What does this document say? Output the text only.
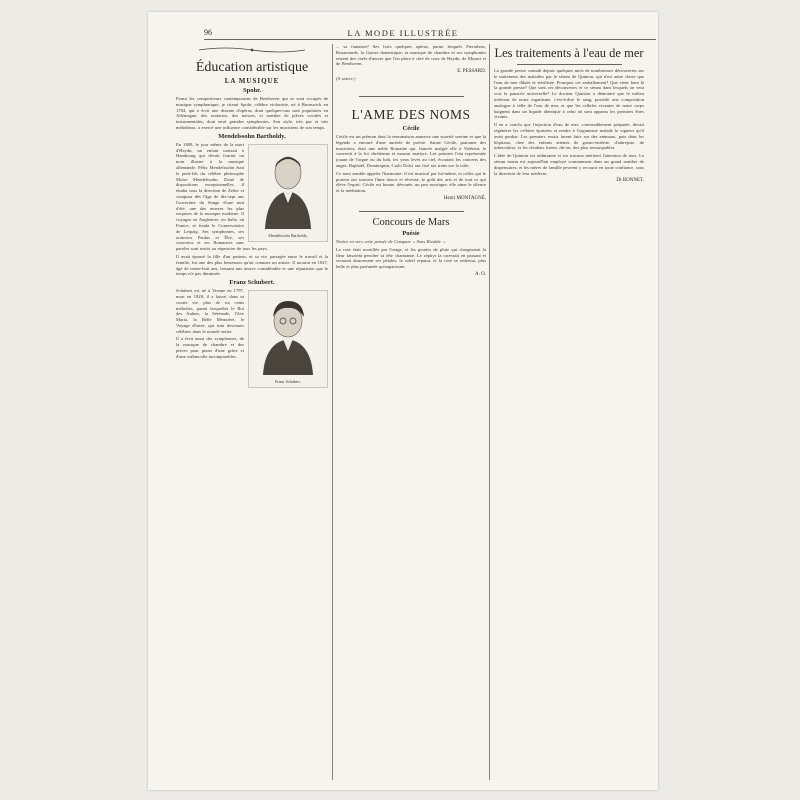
LA MODE ILLUSTRÉE
96
Éducation artistique
LA MUSIQUE
Spohr.

Parmi les compositeurs contemporains de Beethoven qui se sont occupés de musique symphonique, je citerai Spohr, célèbre violoniste, né à Brunswick en 1784, qui a écrit une dizaine d'opéras, dont quelques-uns sont populaires en Allemagne; des oratorios, des messes, et nombre de pièces vocales et instrumentales, dont neuf grandes symphonies. Son style, très pur et très mélodieux, a exercé une influence considérable sur les musiciens de son temps.

Mendelssohn Bartholdy.

Mendelssohn Bartholdy.
En 1809, le jour même de la mort d'Haydn, un enfant naissait à Hambourg qui devait fournir un nom illustre à la musique allemande. Félix Mendelssohn était le petit-fils du célèbre philosophe Moïse Mendelssohn. Doué de dispositions exceptionnelles, il étudia sous la direction de Zelter et composa dès l'âge de dix-sept ans l'ouverture du Songe d'une nuit d'été, une des œuvres les plus exquises de la musique moderne. Il voyagea en Angleterre, en Italie, en France, et fonda le Conservatoire de Leipzig. Ses symphonies, ses oratorios Paulus et Élie, ses concertos et ses Romances sans paroles sont restés au répertoire de tous les pays.

Il avait épousé la fille d'un pasteur, et sa vie, partagée entre le travail et la famille, fut une des plus heureuses qu'ait connues un artiste. Il mourut en 1847, âgé de trente-huit ans, laissant une œuvre considérable et une réputation que le temps n'a pas diminuée.

Franz Schubert.

Franz Schubert.
Schubert est né à Vienne en 1797, mort en 1828; il a laissé, dans sa courte vie, plus de six cents mélodies, parmi lesquelles le Roi des Aulnes, la Sérénade, l'Ave Maria, la Belle Meunière, le Voyage d'hiver, qui sont devenues célèbres dans le monde entier.

Il a écrit aussi des symphonies, de la musique de chambre et des pièces pour piano d'une grâce et d'une mélancolie incomparables.

... sa fantaisie? Ses forts quelques opéras, parmi lesquels Fierrabras, Rosamonde, la Guerre domestique; sa musique de chambre et ses symphonies restent des chefs-d'œuvre que l'on place à côté de ceux de Haydn, de Mozart et de Beethoven.

E. PESSARD.
(A suivre.)
L'AME DES NOMS
Cécile

Cécile est un prénom dont la terminaison annonce une suavité sereine et que la légende a entouré d'une auréole de poésie. Sainte Cécile, patronne des musiciens, était une noble Romaine qui, fiancée malgré elle à Valérien, le convertit à la foi chrétienne et mourut martyre. Les peintres l'ont représentée jouant de l'orgue ou du luth, les yeux levés au ciel, écoutant les concerts des anges. Raphaël, Dominiquin, Carlo Dolci ont fixé ses traits sur la toile.

Ce nom semble appeler l'harmonie: il est musical par lui-même, et celles qui le portent ont souvent l'âme douce et rêveuse, le goût des arts et de tout ce qui élève l'esprit. Cécile est bonne, dévouée, un peu mystique; elle aime le silence et la méditation.

Henri MONTAGNÉ.
Concours de Mars
Poésie

Notice en vers cette pensée de Campan: « Sous Rivalde. »

La rose était mouillée par l'orage, et les gouttes de pluie qui chargeaient la fleur faisaient pencher sa tête charmante. Le zéphyr la caressait en passant et secouait doucement ses pétales; le soleil reparut, et la rose se redressa, plus belle et plus parfumée qu'auparavant.

A. O.
Les traitements à l'eau de mer

La grande presse connaît depuis quelques mois de nombreuses découvertes sur le traitement des maladies par le sérum de Quinton, qui n'est autre chose que l'eau de mer diluée et stérilisée. Pourquoi cet emballement? Que vient faire là la grande presse? Que sont ces découvertes et ce sérum dans lesquels on veut voir la panacée universelle? Le docteur Quinton a démontré que le milieu intérieur de notre organisme, c'est-à-dire le sang, possède une composition analogue à celle de l'eau de mer, et que les cellules vivantes de notre corps baignent dans un liquide identique à celui où sont apparus les premiers êtres vivants.

Il en a conclu que l'injection d'eau de mer, convenablement préparée, devait régénérer les cellules épuisées et rendre à l'organisme malade la vigueur qu'il avait perdue. Les premiers essais furent faits sur des animaux, puis dans les hôpitaux, chez des enfants atteints de gastro-entérite, d'athrepsie, de tuberculose, et les résultats furent, dit-on, des plus remarquables.

L'idée de Quinton est séduisante et ses travaux méritent l'attention de tous. Le sérum marin est aujourd'hui employé couramment dans un grand nombre de dispensaires, et les mères de famille peuvent y recourir en toute confiance, sous la direction de leur médecin.

Dr BONNET.
